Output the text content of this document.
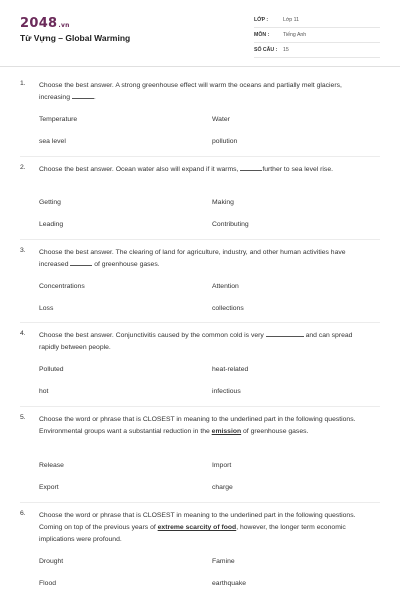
2048.vn
Từ Vựng – Global Warming
LỚP :	Lớp 11
MÔN :	Tiếng Anh
SỐ CÂU : 15
1. Choose the best answer. A strong greenhouse effect will warm the oceans and partially melt glaciers, increasing	.
Temperature	Water
sea level	pollution
2. Choose the best answer. Ocean water also will expand if it warms,	further to sea level rise.
Getting	Making
Leading	Contributing
3. Choose the best answer. The clearing of land for agriculture, industry, and other human activities have increased	of greenhouse gases.
Concentrations	Attention
Loss	collections
4. Choose the best answer. Conjunctivitis caused by the common cold is very	and can spread rapidly between people.
Polluted	heat-related
hot	infectious
5. Choose the word or phrase that is CLOSEST in meaning to the underlined part in the following questions. Environmental groups want a substantial reduction in the emission of greenhouse gases.
Release	Import
Export	charge
6. Choose the word or phrase that is CLOSEST in meaning to the underlined part in the following questions. Coming on top of the previous years of extreme scarcity of food, however, the longer term economic implications were profound.
Drought	Famine
Flood	earthquake
